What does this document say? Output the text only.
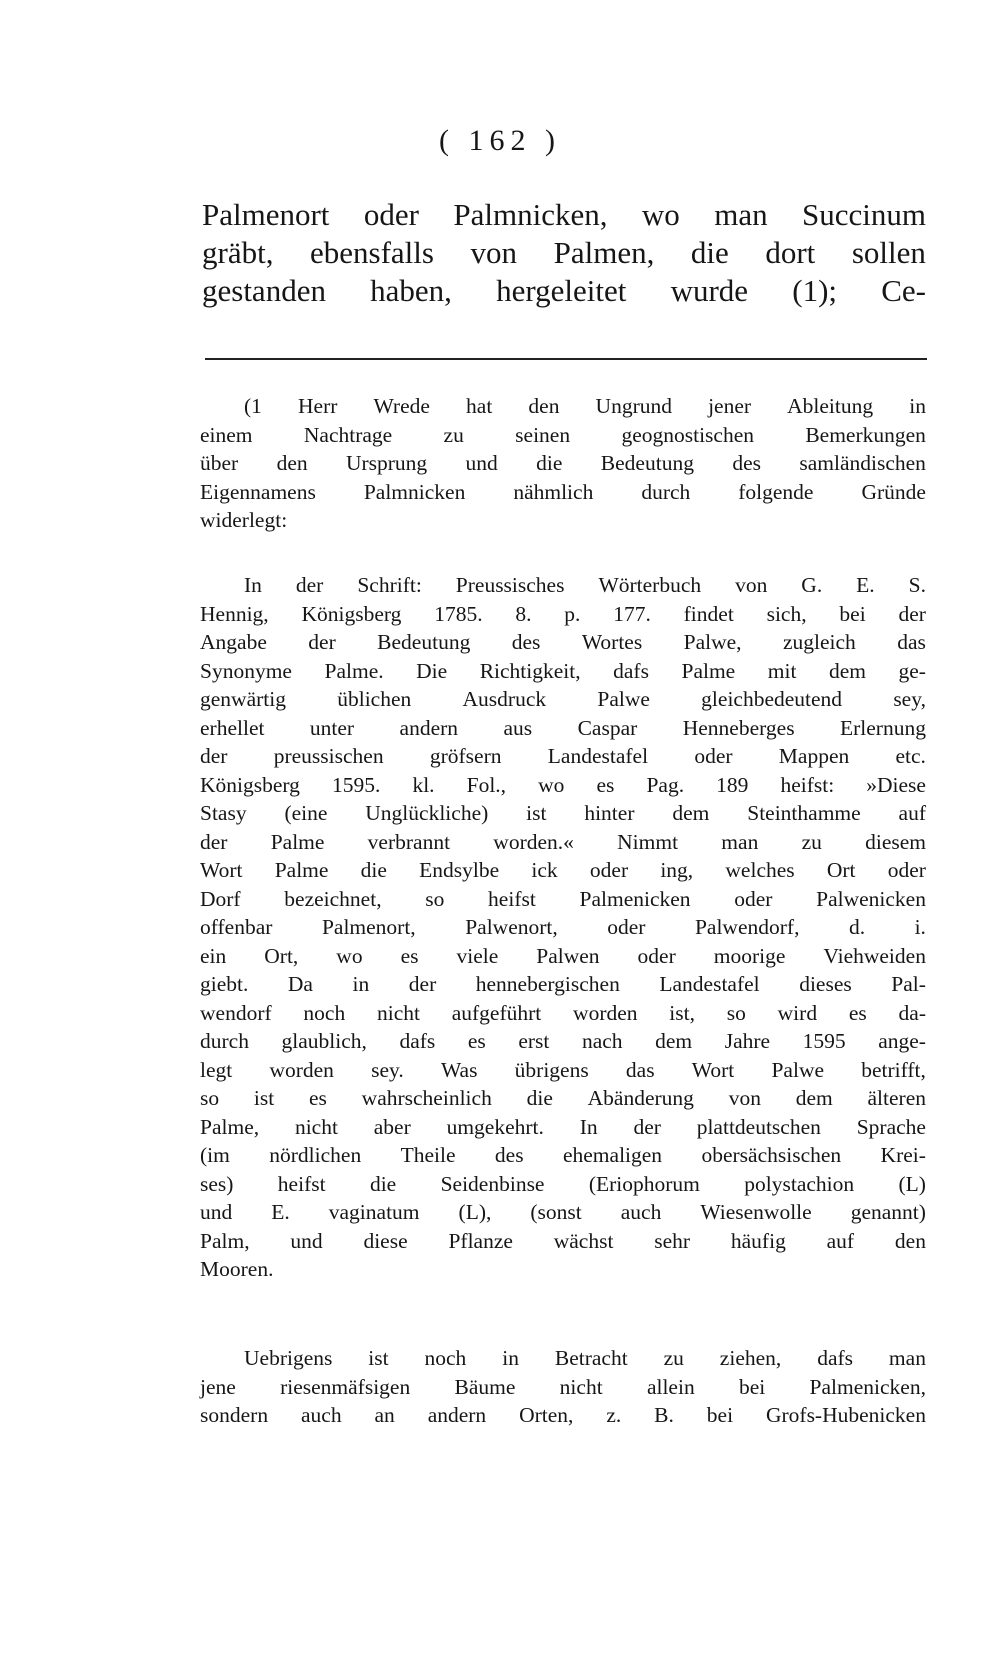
( 162 )
Palmenort oder Palmnicken, wo man Succinum
gräbt, ebensfalls von Palmen, die dort sollen
gestanden haben, hergeleitet wurde (1); Ce-
(1 Herr Wrede hat den Ungrund jener Ableitung in
einem Nachtrage zu seinen geognostischen Bemerkungen
über den Ursprung und die Bedeutung des samländischen
Eigennamens Palmnicken nähmlich durch folgende Gründe
widerlegt:
In der Schrift: Preussisches Wörterbuch von G. E. S.
Hennig, Königsberg 1785. 8. p. 177. findet sich, bei der
Angabe der Bedeutung des Wortes Palwe, zugleich das
Synonyme Palme. Die Richtigkeit, dafs Palme mit dem ge-
genwärtig üblichen Ausdruck Palwe gleichbedeutend sey,
erhellet unter andern aus Caspar Henneberges Erlernung
der preussischen gröfsern Landestafel oder Mappen etc.
Königsberg 1595. kl. Fol., wo es Pag. 189 heifst: »Diese
Stasy (eine Unglückliche) ist hinter dem Steinthamme auf
der Palme verbrannt worden.« Nimmt man zu diesem
Wort Palme die Endsylbe ick oder ing, welches Ort oder
Dorf bezeichnet, so heifst Palmenicken oder Palwenicken
offenbar Palmenort, Palwenort, oder Palwendorf, d. i.
ein Ort, wo es viele Palwen oder moorige Viehweiden
giebt. Da in der hennebergischen Landestafel dieses Pal-
wendorf noch nicht aufgeführt worden ist, so wird es da-
durch glaublich, dafs es erst nach dem Jahre 1595 ange-
legt worden sey. Was übrigens das Wort Palwe betrifft,
so ist es wahrscheinlich die Abänderung von dem älteren
Palme, nicht aber umgekehrt. In der plattdeutschen Sprache
(im nördlichen Theile des ehemaligen obersächsischen Krei-
ses) heifst die Seidenbinse (Eriophorum polystachion (L)
und E. vaginatum (L), (sonst auch Wiesenwolle genannt)
Palm, und diese Pflanze wächst sehr häufig auf den
Mooren.
Uebrigens ist noch in Betracht zu ziehen, dafs man
jene riesenmäfsigen Bäume nicht allein bei Palmenicken,
sondern auch an andern Orten, z. B. bei Grofs-Hubenicken
